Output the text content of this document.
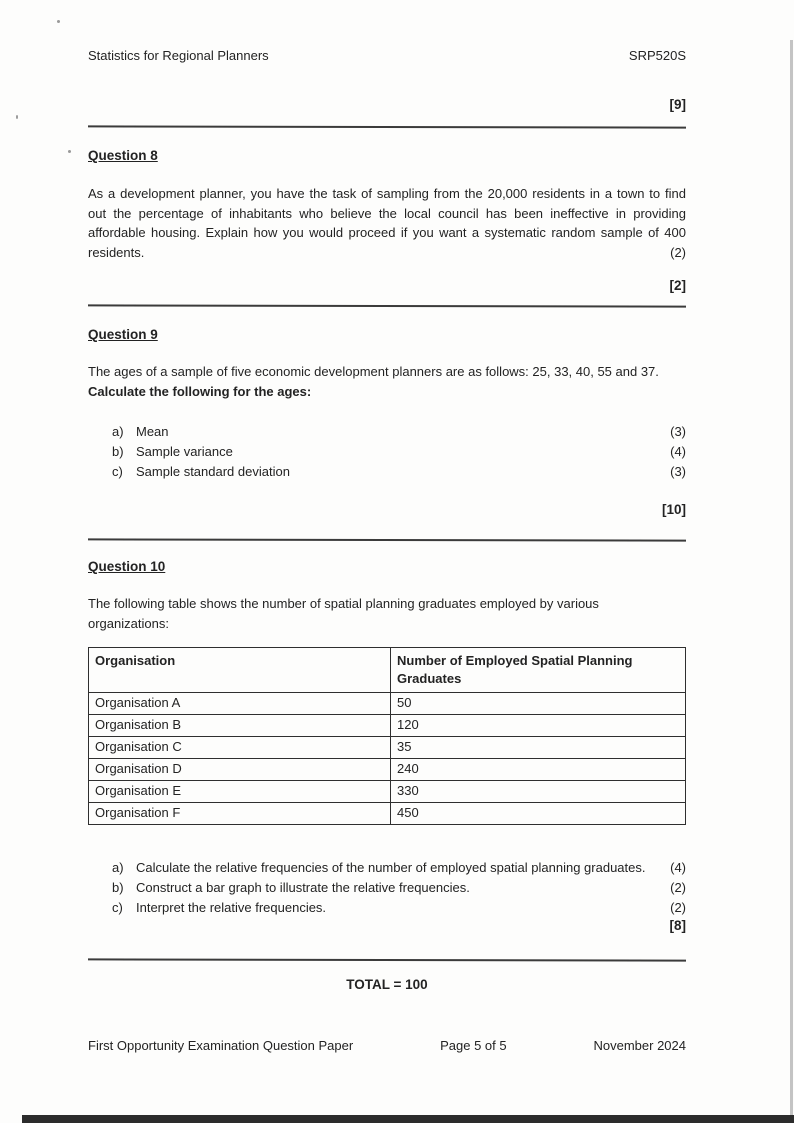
Statistics for Regional Planners	SRP520S
[9]
Question 8
As a development planner, you have the task of sampling from the 20,000 residents in a town to find
out the percentage of inhabitants who believe the local council has been ineffective in providing
affordable housing. Explain how you would proceed if you want a systematic random sample of 400
residents.	(2)
[2]
Question 9
The ages of a sample of five economic development planners are as follows: 25, 33, 40, 55 and 37.
Calculate the following for the ages:
a) Mean	(3)
b) Sample variance	(4)
c)	Sample standard deviation	(3)
[10]
Question 10
The following table shows the number of spatial planning graduates employed by various
organizations:
Organisation	Number of Employed Spatial Planning Graduates
Organisation A	50
Organisation B	120
Organisation C	35
Organisation D	240
Organisation E	330
Organisation F	450
a) Calculate the relative frequencies of the number of employed spatial planning graduates.	(4)
b) Construct a bar graph to illustrate the relative frequencies.	(2)
c)	Interpret the relative frequencies.	(2)
[8]
TOTAL = 100
First Opportunity Examination Question Paper	Page 5 of 5	November 2024
